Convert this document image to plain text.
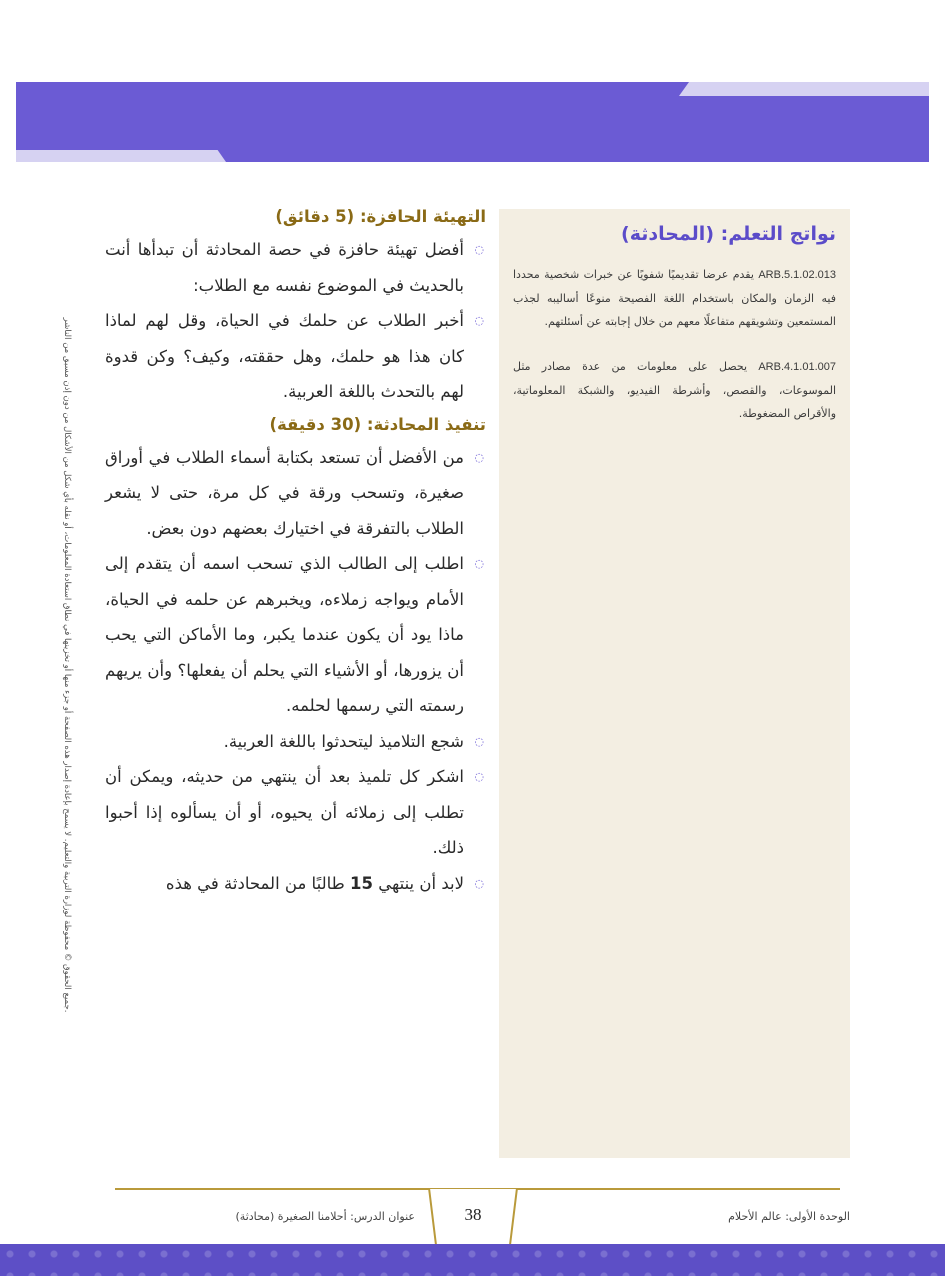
جميع الحقوق © محفوظة لوزارة التربية والتعليم. لا يسمح بإعادة إصدار هذه الصفحة أو جزء منها أو تخزينها في نطاق استعادة المعلومات، أو نقله بأي شكل من الأشكال من دون إذن مسبق من الناشر.
نواتج التعلم: (المحادثة)

ARB.5.1.02.013 يقدم عرضا تقديميًا شفويًا عن خبرات شخصية محددا فيه الزمان والمكان باستخدام اللغة الفصيحة منوعًا أساليبه لجذب المستمعين وتشويقهم متفاعلًا معهم من خلال إجابته عن أسئلتهم.

ARB.4.1.01.007 يحصل على معلومات من عدة مصادر مثل الموسوعات، والقصص، وأشرطة الفيديو، والشبكة المعلوماتية، والأقراص المضغوطة.

التهيئة الحافزة: (5 دقائق)
◌
أفضل تهيئة حافزة في حصة المحادثة أن تبدأها أنت بالحديث في الموضوع نفسه مع الطلاب:
◌
أخبر الطلاب عن حلمك في الحياة، وقل لهم لماذا كان هذا هو حلمك، وهل حققته، وكيف؟ وكن قدوة لهم بالتحدث باللغة العربية.
تنفيذ المحادثة: (30 دقيقة)
◌
من الأفضل أن تستعد بكتابة أسماء الطلاب في أوراق صغيرة، وتسحب ورقة في كل مرة، حتى لا يشعر الطلاب بالتفرقة في اختيارك بعضهم دون بعض.
◌
اطلب إلى الطالب الذي تسحب اسمه أن يتقدم إلى الأمام ويواجه زملاءه، ويخبرهم عن حلمه في الحياة، ماذا يود أن يكون عندما يكبر، وما الأماكن التي يحب أن يزورها، أو الأشياء التي يحلم أن يفعلها؟ وأن يريهم رسمته التي رسمها لحلمه.
◌
شجع التلاميذ ليتحدثوا باللغة العربية.
◌
اشكر كل تلميذ بعد أن ينتهي من حديثه، ويمكن أن تطلب إلى زملائه أن يحيوه، أو أن يسألوه إذا أحبوا ذلك.
◌
لابد أن ينتهي 15 طالبًا من المحادثة في هذه
38
عنوان الدرس: أحلامنا الصغيرة (محادثة)	الوحدة الأولى: عالم الأحلام
